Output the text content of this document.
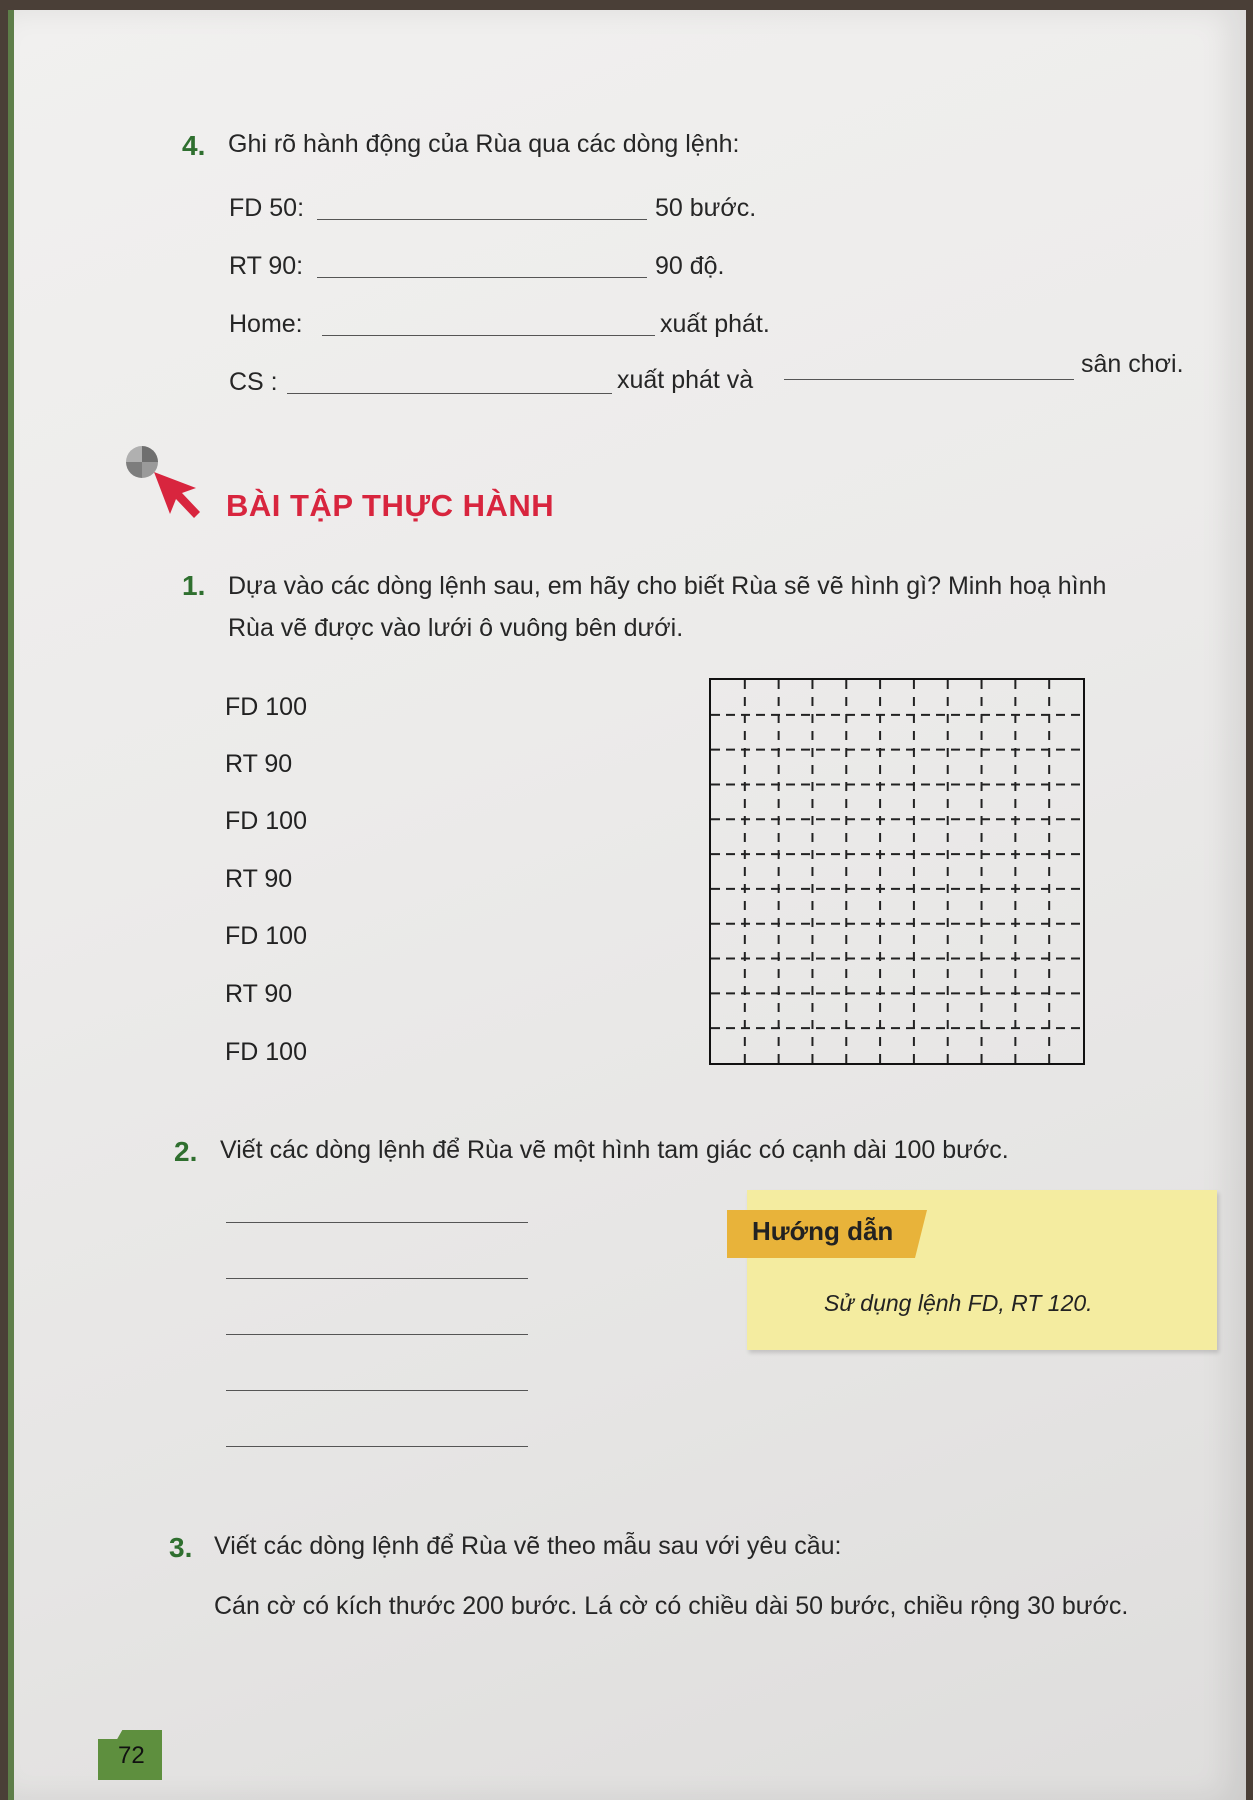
4. Ghi rõ hành động của Rùa qua các dòng lệnh:
FD 50:	50 bước.
RT 90:	90 độ.
Home:	xuất phát.
CS :	xuất phát và
sân chơi.
BÀI TẬP THỰC HÀNH
1. Dựa vào các dòng lệnh sau, em hãy cho biết Rùa sẽ vẽ hình gì? Minh hoạ hình
Rùa vẽ được vào lưới ô vuông bên dưới.
FD 100
RT 90
FD 100
RT 90
FD 100
RT 90
FD 100
2. Viết các dòng lệnh để Rùa vẽ một hình tam giác có cạnh dài 100 bước.
Hướng dẫn
Sử dụng lệnh FD, RT 120.
3. Viết các dòng lệnh để Rùa vẽ theo mẫu sau với yêu cầu:
Cán cờ có kích thước 200 bước. Lá cờ có chiều dài 50 bước, chiều rộng 30 bước.
72
